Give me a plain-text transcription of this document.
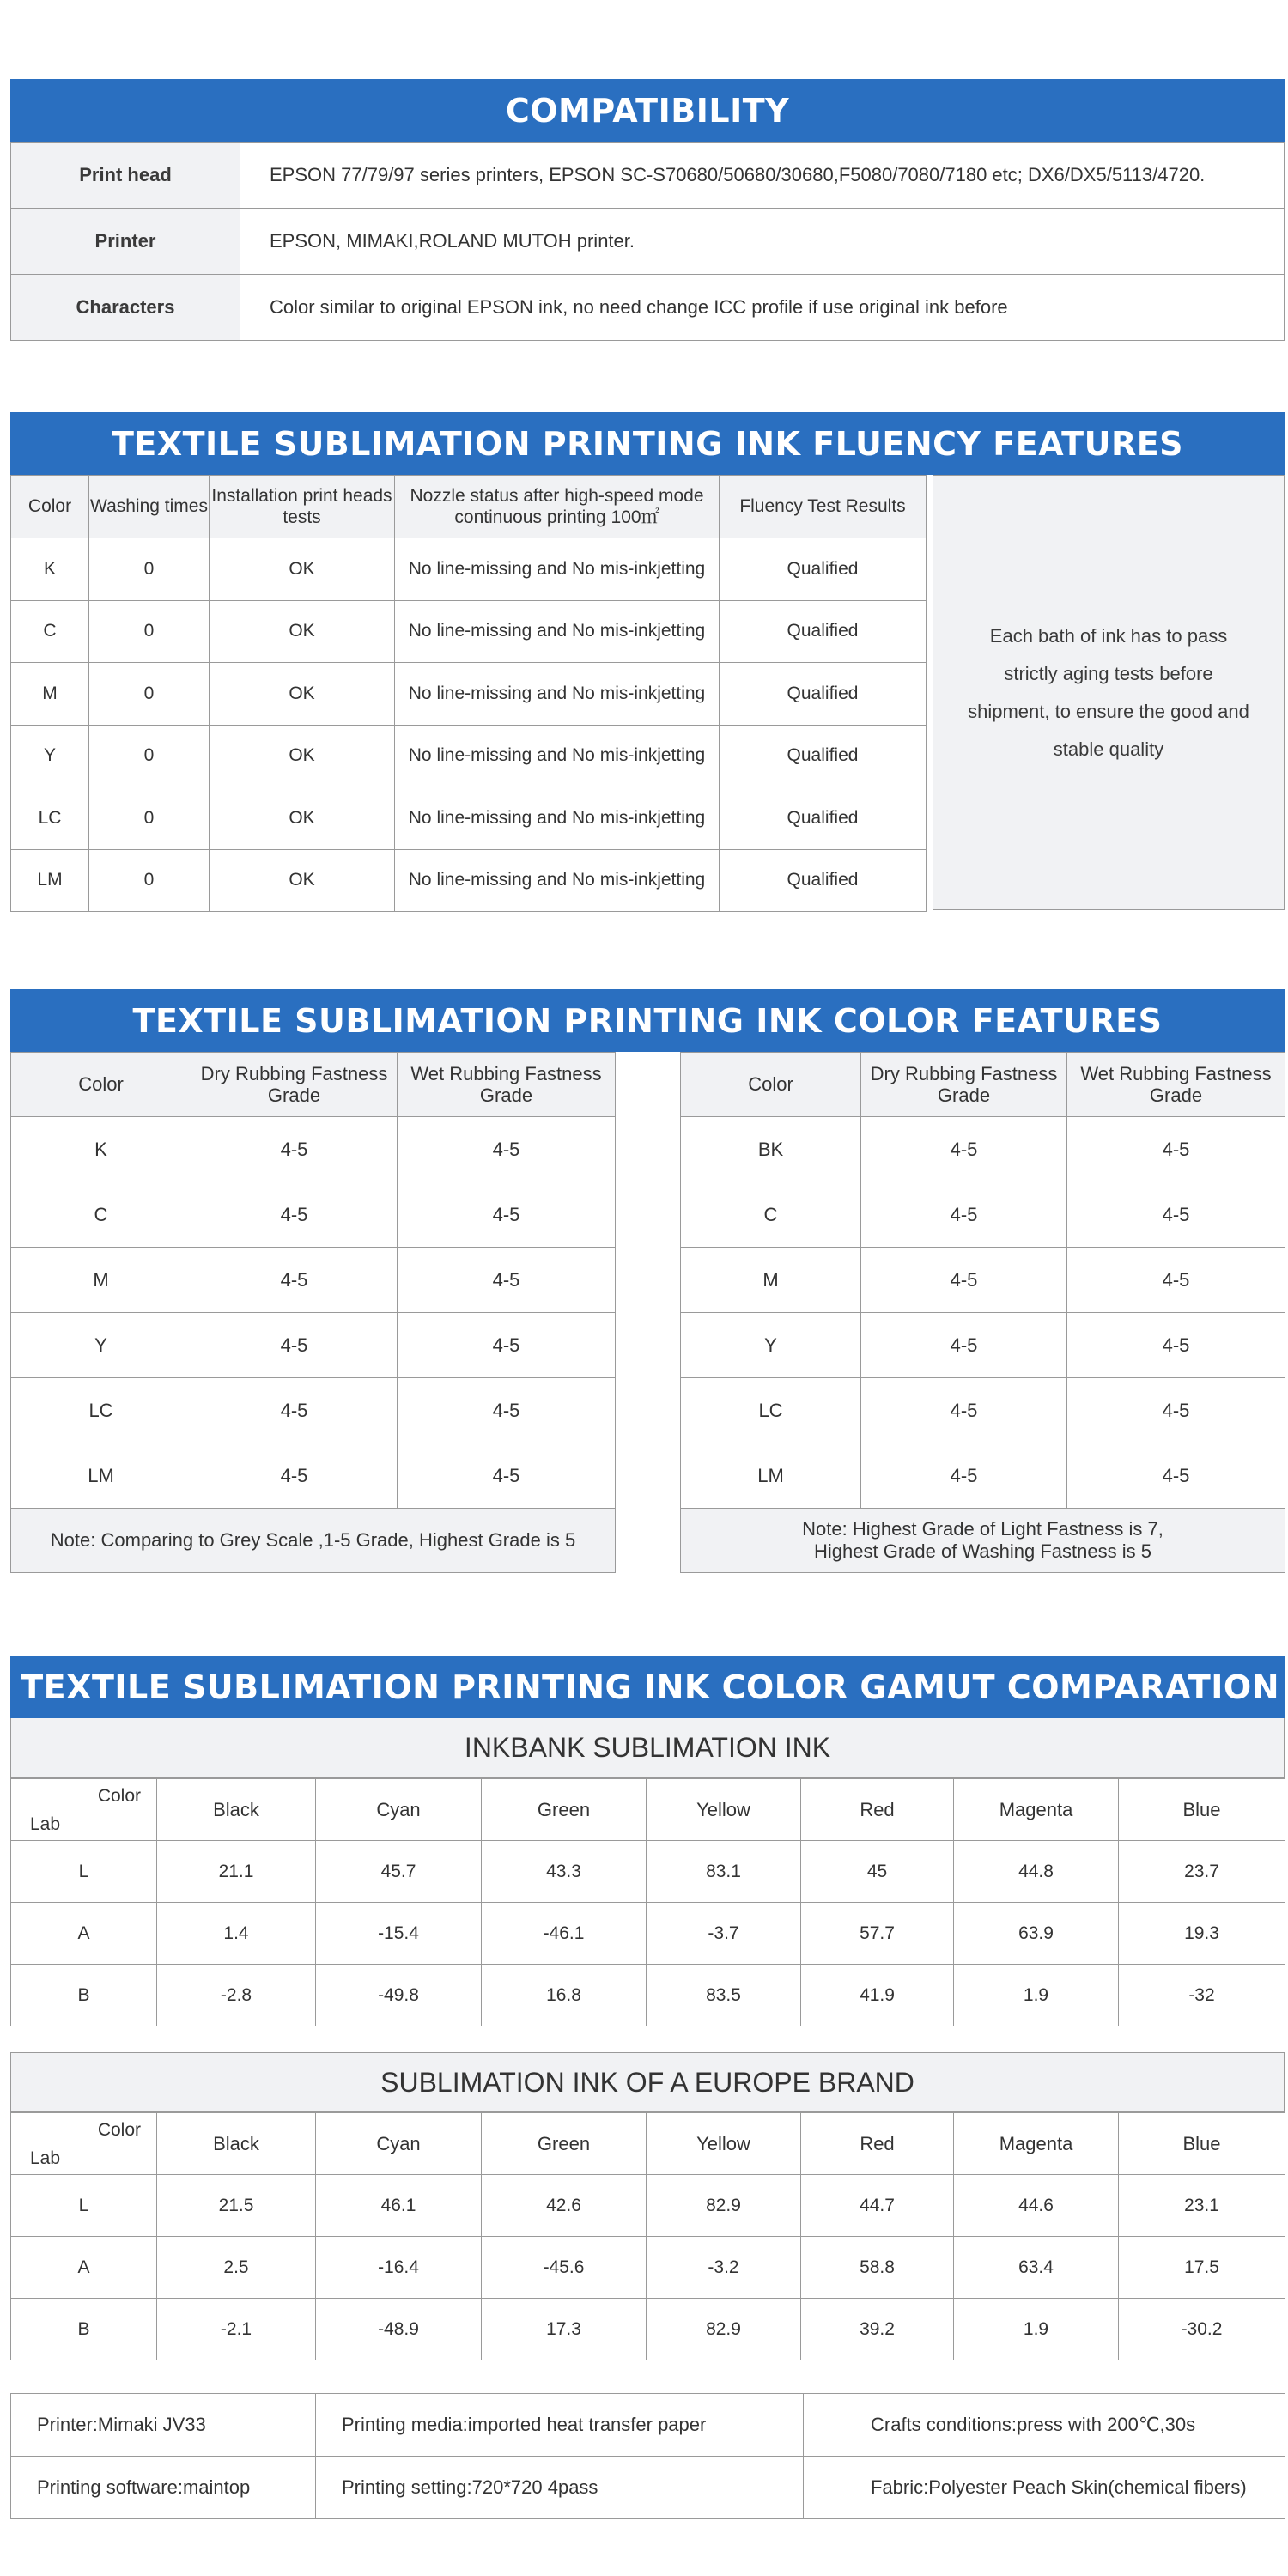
COMPATIBILITY
Print head	EPSON 77/79/97 series printers, EPSON SC-S70680/50680/30680,F5080/7080/7180 etc; DX6/DX5/5113/4720.
Printer	EPSON, MIMAKI,ROLAND MUTOH printer.
Characters	Color similar to original EPSON ink, no need change ICC profile if use original ink before
TEXTILE SUBLIMATION PRINTING INK FLUENCY FEATURES
Color	Washing times	Installation print heads tests	Nozzle status after high-speed mode continuous printing 100㎡	Fluency Test Results
K	0	OK	No line-missing and No mis-inkjetting	Qualified
C	0	OK	No line-missing and No mis-inkjetting	Qualified
M	0	OK	No line-missing and No mis-inkjetting	Qualified
Y	0	OK	No line-missing and No mis-inkjetting	Qualified
LC	0	OK	No line-missing and No mis-inkjetting	Qualified
LM	0	OK	No line-missing and No mis-inkjetting	Qualified
Each bath of ink has to pass strictly aging tests before shipment, to ensure the good and stable quality
TEXTILE SUBLIMATION PRINTING INK COLOR FEATURES
Color	Dry Rubbing Fastness Grade	Wet Rubbing Fastness Grade
K	4-5	4-5
C	4-5	4-5
M	4-5	4-5
Y	4-5	4-5
LC	4-5	4-5
LM	4-5	4-5
Note: Comparing to Grey Scale ,1-5 Grade, Highest Grade is 5		
Color	Dry Rubbing Fastness Grade	Wet Rubbing Fastness Grade
BK	4-5	4-5
C	4-5	4-5
M	4-5	4-5
Y	4-5	4-5
LC	4-5	4-5
LM	4-5	4-5
Note: Highest Grade of Light Fastness is 7,
Highest Grade of Washing Fastness is 5		
TEXTILE SUBLIMATION PRINTING INK COLOR GAMUT COMPARATION
INKBANK SUBLIMATION INK
Color
Lab	Black	Cyan	Green	Yellow	Red	Magenta	Blue
L	21.1	45.7	43.3	83.1	45	44.8	23.7
A	1.4	-15.4	-46.1	-3.7	57.7	63.9	19.3
B	-2.8	-49.8	16.8	83.5	41.9	1.9	-32
SUBLIMATION INK OF A EUROPE BRAND
Color
Lab	Black	Cyan	Green	Yellow	Red	Magenta	Blue
L	21.5	46.1	42.6	82.9	44.7	44.6	23.1
A	2.5	-16.4	-45.6	-3.2	58.8	63.4	17.5
B	-2.1	-48.9	17.3	82.9	39.2	1.9	-30.2
Printer:Mimaki JV33	Printing media:imported heat transfer paper	Crafts conditions:press with 200℃,30s
Printing software:maintop	Printing setting:720*720 4pass	Fabric:Polyester Peach Skin(chemical fibers)
